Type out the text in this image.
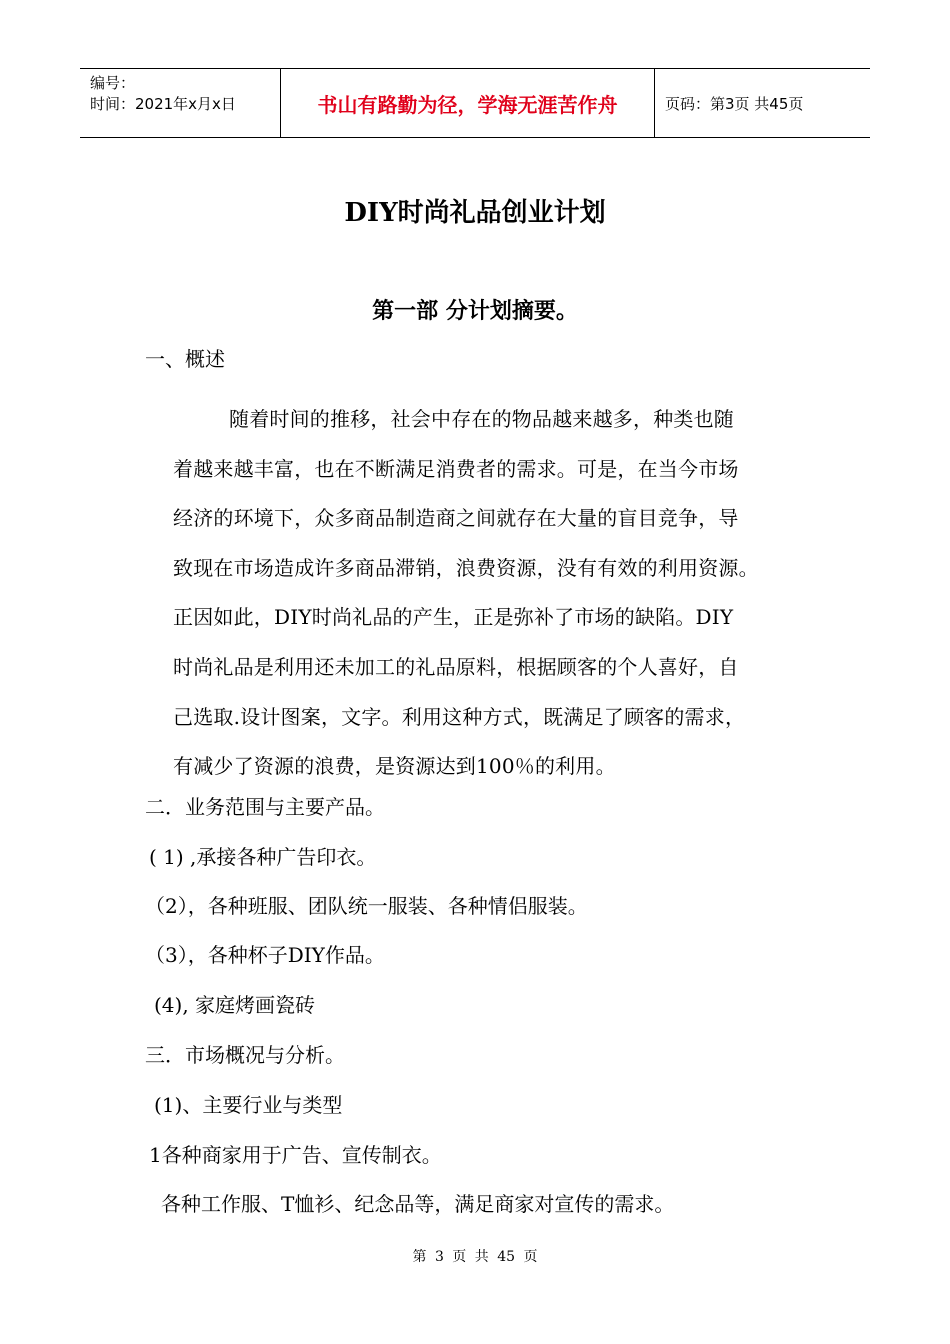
编号：
时间：2021年x月x日	书山有路勤为径，学海无涯苦作舟	页码：第3页 共45页
DIY时尚礼品创业计划
第一部 分计划摘要。
一、概述
随着时间的推移，社会中存在的物品越来越多，种类也随
着越来越丰富，也在不断满足消费者的需求。可是，在当今市场
经济的环境下，众多商品制造商之间就存在大量的盲目竞争，导
致现在市场造成许多商品滞销，浪费资源，没有有效的利用资源。
正因如此，DIY时尚礼品的产生，正是弥补了市场的缺陷。DIY
时尚礼品是利用还未加工的礼品原料，根据顾客的个人喜好，自
己选取.设计图案，文字。利用这种方式，既满足了顾客的需求，
有减少了资源的浪费，是资源达到100％的利用。
二．业务范围与主要产品。
( 1) ,承接各种广告印衣。
（2），各种班服、团队统一服装、各种情侣服装。
（3），各种杯子DIY作品。
(4), 家庭烤画瓷砖
三．市场概况与分析。
(1)、主要行业与类型
1各种商家用于广告、宣传制衣。
各种工作服、T恤衫、纪念品等，满足商家对宣传的需求。
第 3 页 共 45 页
